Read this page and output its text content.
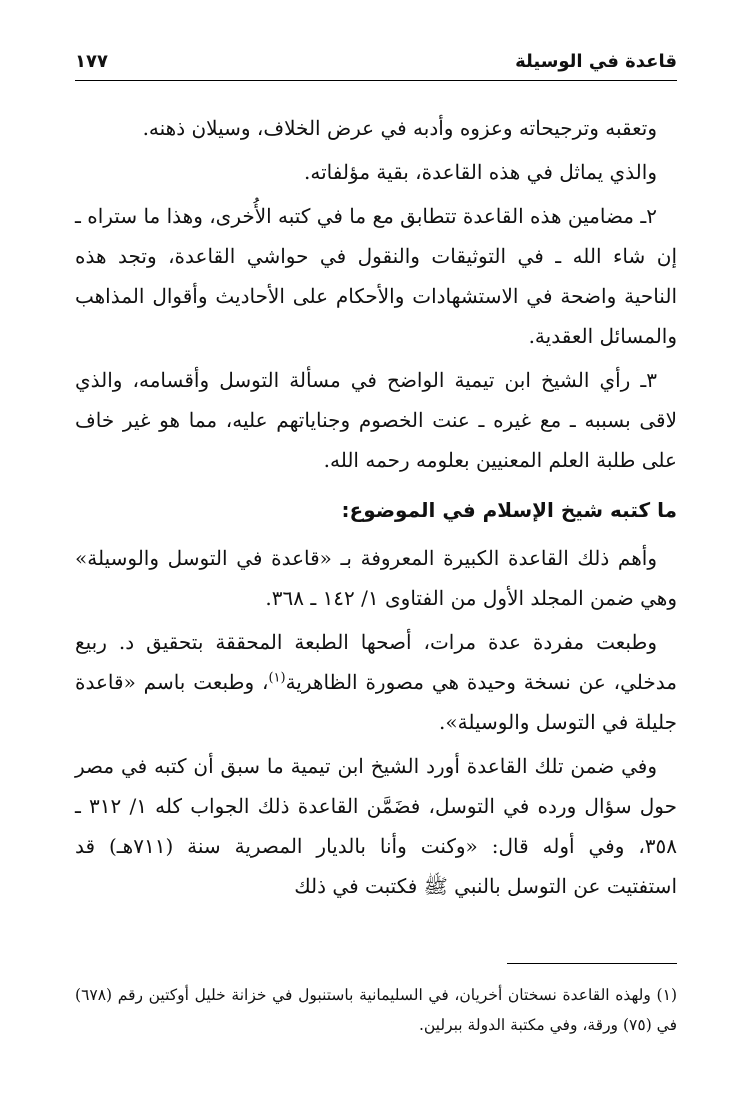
قاعدة في الوسيلة
١٧٧

وتعقبه وترجيحاته وعزوه وأدبه في عرض الخلاف، وسيلان ذهنه.

والذي يماثل في هذه القاعدة، بقية مؤلفاته.

٢ـ مضامين هذه القاعدة تتطابق مع ما في كتبه الأُخرى، وهذا ما ستراه ـ إن شاء الله ـ في التوثيقات والنقول في حواشي القاعدة، وتجد هذه الناحية واضحة في الاستشهادات والأحكام على الأحاديث وأقوال المذاهب والمسائل العقدية.

٣ـ رأي الشيخ ابن تيمية الواضح في مسألة التوسل وأقسامه، والذي لاقى بسببه ـ مع غيره ـ عنت الخصوم وجناياتهم عليه، مما هو غير خاف على طلبة العلم المعنيين بعلومه رحمه الله.

ما كتبه شيخ الإسلام في الموضوع:

وأهم ذلك القاعدة الكبيرة المعروفة بـ «قاعدة في التوسل والوسيلة» وهي ضمن المجلد الأول من الفتاوى ١/ ١٤٢ ـ ٣٦٨.

وطبعت مفردة عدة مرات، أصحها الطبعة المحققة بتحقيق د. ربيع مدخلي، عن نسخة وحيدة هي مصورة الظاهرية$^{(١)}$، وطبعت باسم «قاعدة جليلة في التوسل والوسيلة».

وفي ضمن تلك القاعدة أورد الشيخ ابن تيمية ما سبق أن كتبه في مصر حول سؤال ورده في التوسل، فضَمَّن القاعدة ذلك الجواب كله ١/ ٣١٢ ـ ٣٥٨، وفي أوله قال: «وكنت وأنا بالديار المصرية سنة (٧١١هـ) قد استفتيت عن التوسل بالنبي ﷺ فكتبت في ذلك

(١) ولهذه القاعدة نسختان أخريان، في السليمانية باستنبول في خزانة خليل أوكتين رقم (٦٧٨) في (٧٥) ورقة، وفي مكتبة الدولة ببرلين.
